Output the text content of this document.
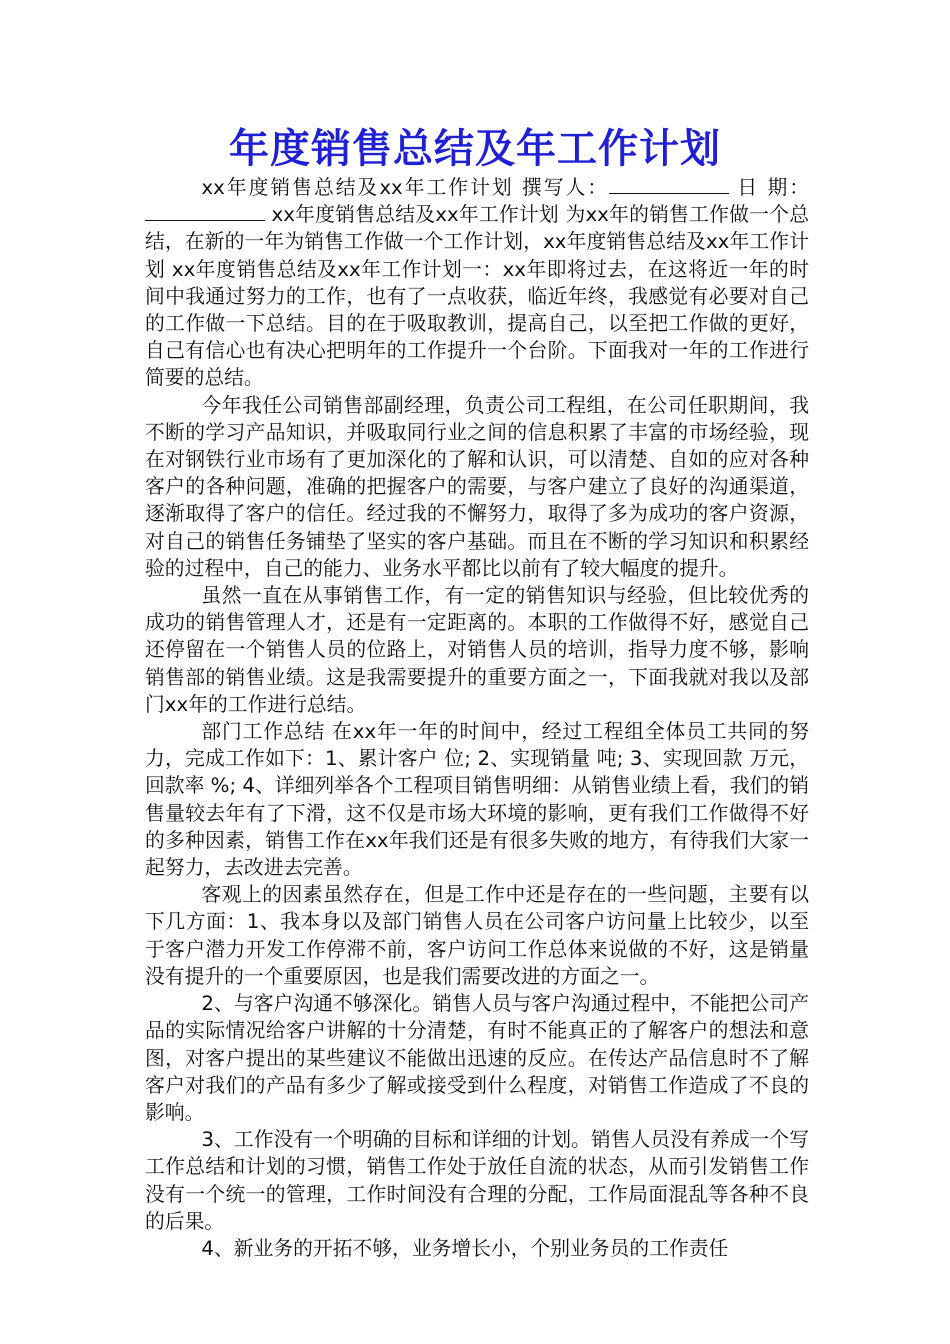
年度销售总结及年工作计划

xx年度销售总结及xx年工作计划 撰写人：	日 期： xx年度销售总结及xx年工作计划 为xx年的销售工作做一个总结，在新的一年为销售工作做一个工作计划，xx年度销售总结及xx年工作计划 xx年度销售总结及xx年工作计划一：xx年即将过去，在这将近一年的时间中我通过努力的工作，也有了一点收获，临近年终，我感觉有必要对自己的工作做一下总结。目的在于吸取教训，提高自己，以至把工作做的更好，自己有信心也有决心把明年的工作提升一个台阶。下面我对一年的工作进行简要的总结。

今年我任公司销售部副经理，负责公司工程组，在公司任职期间，我不断的学习产品知识，并吸取同行业之间的信息积累了丰富的市场经验，现在对钢铁行业市场有了更加深化的了解和认识，可以清楚、自如的应对各种客户的各种问题，准确的把握客户的需要，与客户建立了良好的沟通渠道，逐渐取得了客户的信任。经过我的不懈努力，取得了多为成功的客户资源，对自己的销售任务铺垫了坚实的客户基础。而且在不断的学习知识和积累经验的过程中，自己的能力、业务水平都比以前有了较大幅度的提升。

虽然一直在从事销售工作，有一定的销售知识与经验，但比较优秀的成功的销售管理人才，还是有一定距离的。本职的工作做得不好，感觉自己还停留在一个销售人员的位路上，对销售人员的培训，指导力度不够，影响销售部的销售业绩。这是我需要提升的重要方面之一，下面我就对我以及部门xx年的工作进行总结。

部门工作总结 在xx年一年的时间中，经过工程组全体员工共同的努力，完成工作如下：1、累计客户 位; 2、实现销量 吨; 3、实现回款 万元，回款率 %; 4、详细列举各个工程项目销售明细：从销售业绩上看，我们的销售量较去年有了下滑，这不仅是市场大环境的影响，更有我们工作做得不好的多种因素，销售工作在xx年我们还是有很多失败的地方，有待我们大家一起努力，去改进去完善。

客观上的因素虽然存在，但是工作中还是存在的一些问题，主要有以下几方面：1、我本身以及部门销售人员在公司客户访问量上比较少，以至于客户潜力开发工作停滞不前，客户访问工作总体来说做的不好，这是销量没有提升的一个重要原因，也是我们需要改进的方面之一。

2、与客户沟通不够深化。销售人员与客户沟通过程中，不能把公司产品的实际情况给客户讲解的十分清楚，有时不能真正的了解客户的想法和意图，对客户提出的某些建议不能做出迅速的反应。在传达产品信息时不了解客户对我们的产品有多少了解或接受到什么程度，对销售工作造成了不良的影响。

3、工作没有一个明确的目标和详细的计划。销售人员没有养成一个写工作总结和计划的习惯，销售工作处于放任自流的状态，从而引发销售工作没有一个统一的管理，工作时间没有合理的分配，工作局面混乱等各种不良的后果。

4、新业务的开拓不够，业务增长小，个别业务员的工作责任
